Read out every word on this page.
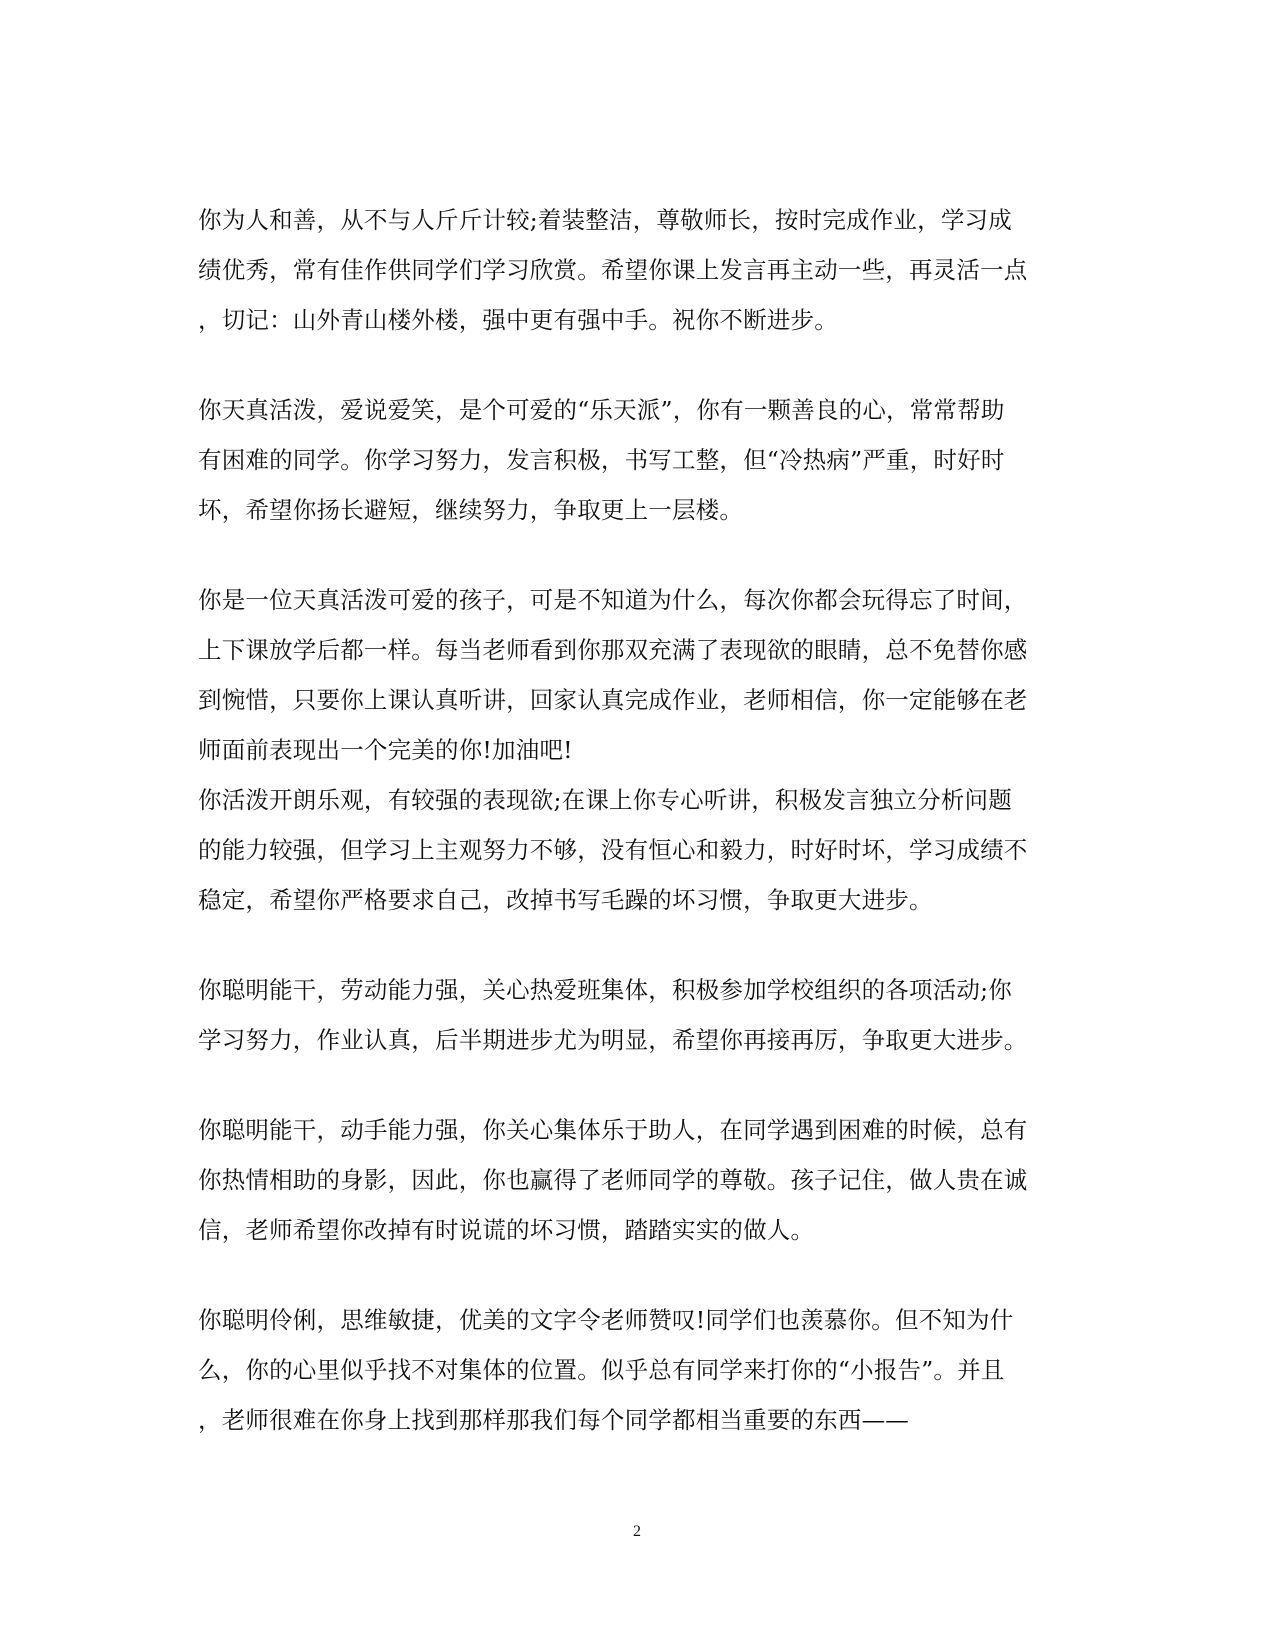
你为人和善，从不与人斤斤计较;着装整洁，尊敬师长，按时完成作业，学习成
绩优秀，常有佳作供同学们学习欣赏。希望你课上发言再主动一些，再灵活一点
，切记：山外青山楼外楼，强中更有强中手。祝你不断进步。
你天真活泼，爱说爱笑，是个可爱的“乐天派”，你有一颗善良的心，常常帮助
有困难的同学。你学习努力，发言积极，书写工整，但“冷热病”严重，时好时
坏，希望你扬长避短，继续努力，争取更上一层楼。
你是一位天真活泼可爱的孩子，可是不知道为什么，每次你都会玩得忘了时间，
上下课放学后都一样。每当老师看到你那双充满了表现欲的眼睛，总不免替你感
到惋惜，只要你上课认真听讲，回家认真完成作业，老师相信，你一定能够在老
师面前表现出一个完美的你!加油吧!
你活泼开朗乐观，有较强的表现欲;在课上你专心听讲，积极发言独立分析问题
的能力较强，但学习上主观努力不够，没有恒心和毅力，时好时坏，学习成绩不
稳定，希望你严格要求自己，改掉书写毛躁的坏习惯，争取更大进步。
你聪明能干，劳动能力强，关心热爱班集体，积极参加学校组织的各项活动;你
学习努力，作业认真，后半期进步尤为明显，希望你再接再厉，争取更大进步。
你聪明能干，动手能力强，你关心集体乐于助人，在同学遇到困难的时候，总有
你热情相助的身影，因此，你也赢得了老师同学的尊敬。孩子记住，做人贵在诚
信，老师希望你改掉有时说谎的坏习惯，踏踏实实的做人。
你聪明伶俐，思维敏捷，优美的文字令老师赞叹!同学们也羡慕你。但不知为什
么，你的心里似乎找不对集体的位置。似乎总有同学来打你的“小报告”。并且
，老师很难在你身上找到那样那我们每个同学都相当重要的东西——
2
